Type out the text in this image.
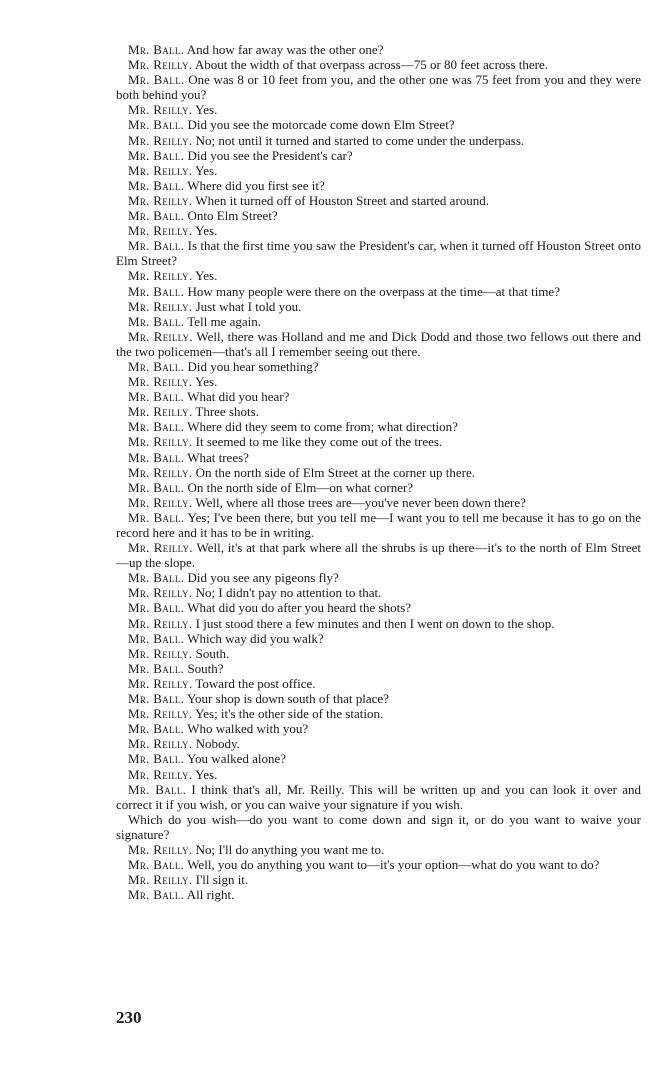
Mr. Ball. And how far away was the other one?

Mr. Reilly. About the width of that overpass across—75 or 80 feet across there.

Mr. Ball. One was 8 or 10 feet from you, and the other one was 75 feet from you and they were both behind you?

Mr. Reilly. Yes.

Mr. Ball. Did you see the motorcade come down Elm Street?

Mr. Reilly. No; not until it turned and started to come under the underpass.

Mr. Ball. Did you see the President's car?

Mr. Reilly. Yes.

Mr. Ball. Where did you first see it?

Mr. Reilly. When it turned off of Houston Street and started around.

Mr. Ball. Onto Elm Street?

Mr. Reilly. Yes.

Mr. Ball. Is that the first time you saw the President's car, when it turned off Houston Street onto Elm Street?

Mr. Reilly. Yes.

Mr. Ball. How many people were there on the overpass at the time—at that time?

Mr. Reilly. Just what I told you.

Mr. Ball. Tell me again.

Mr. Reilly. Well, there was Holland and me and Dick Dodd and those two fellows out there and the two policemen—that's all I remember seeing out there.

Mr. Ball. Did you hear something?

Mr. Reilly. Yes.

Mr. Ball. What did you hear?

Mr. Reilly. Three shots.

Mr. Ball. Where did they seem to come from; what direction?

Mr. Reilly. It seemed to me like they come out of the trees.

Mr. Ball. What trees?

Mr. Reilly. On the north side of Elm Street at the corner up there.

Mr. Ball. On the north side of Elm—on what corner?

Mr. Reilly. Well, where all those trees are—you've never been down there?

Mr. Ball. Yes; I've been there, but you tell me—I want you to tell me because it has to go on the record here and it has to be in writing.

Mr. Reilly. Well, it's at that park where all the shrubs is up there—it's to the north of Elm Street—up the slope.

Mr. Ball. Did you see any pigeons fly?

Mr. Reilly. No; I didn't pay no attention to that.

Mr. Ball. What did you do after you heard the shots?

Mr. Reilly. I just stood there a few minutes and then I went on down to the shop.

Mr. Ball. Which way did you walk?

Mr. Reilly. South.

Mr. Ball. South?

Mr. Reilly. Toward the post office.

Mr. Ball. Your shop is down south of that place?

Mr. Reilly. Yes; it's the other side of the station.

Mr. Ball. Who walked with you?

Mr. Reilly. Nobody.

Mr. Ball. You walked alone?

Mr. Reilly. Yes.

Mr. Ball. I think that's all, Mr. Reilly. This will be written up and you can look it over and correct it if you wish, or you can waive your signature if you wish.

Which do you wish—do you want to come down and sign it, or do you want to waive your signature?

Mr. Reilly. No; I'll do anything you want me to.

Mr. Ball. Well, you do anything you want to—it's your option—what do you want to do?

Mr. Reilly. I'll sign it.

Mr. Ball. All right.

230
